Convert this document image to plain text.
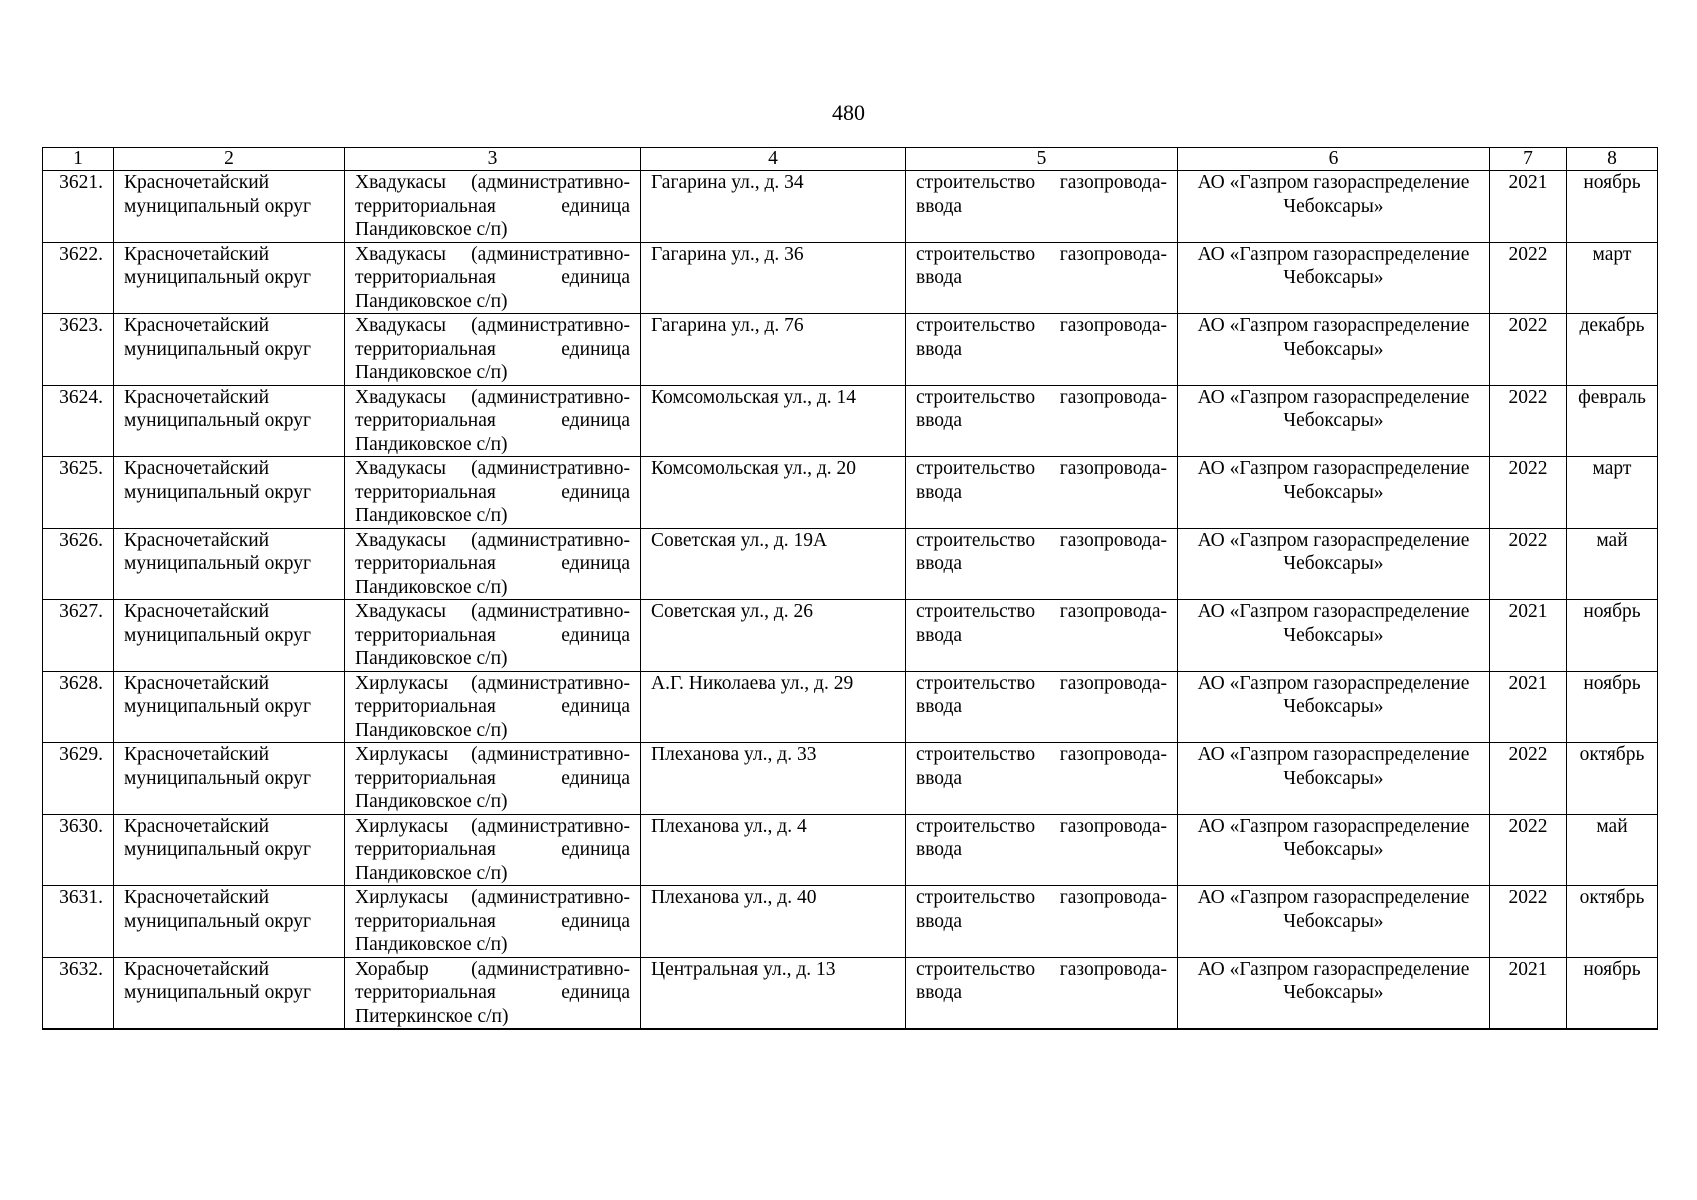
480
1	2	3	4	5	6	7	8
3621.	Красночетайский муниципальный округ	Хвадукасы (административно-территориальная единица Пандиковское с/п)	Гагарина ул., д. 34	строительство газопровода-ввода	АО «Газпром газораспределение Чебоксары»	2021	ноябрь
3622.	Красночетайский муниципальный округ	Хвадукасы (административно-территориальная единица Пандиковское с/п)	Гагарина ул., д. 36	строительство газопровода-ввода	АО «Газпром газораспределение Чебоксары»	2022	март
3623.	Красночетайский муниципальный округ	Хвадукасы (административно-территориальная единица Пандиковское с/п)	Гагарина ул., д. 76	строительство газопровода-ввода	АО «Газпром газораспределение Чебоксары»	2022	декабрь
3624.	Красночетайский муниципальный округ	Хвадукасы (административно-территориальная единица Пандиковское с/п)	Комсомольская ул., д. 14	строительство газопровода-ввода	АО «Газпром газораспределение Чебоксары»	2022	февраль
3625.	Красночетайский муниципальный округ	Хвадукасы (административно-территориальная единица Пандиковское с/п)	Комсомольская ул., д. 20	строительство газопровода-ввода	АО «Газпром газораспределение Чебоксары»	2022	март
3626.	Красночетайский муниципальный округ	Хвадукасы (административно-территориальная единица Пандиковское с/п)	Советская ул., д. 19А	строительство газопровода-ввода	АО «Газпром газораспределение Чебоксары»	2022	май
3627.	Красночетайский муниципальный округ	Хвадукасы (административно-территориальная единица Пандиковское с/п)	Советская ул., д. 26	строительство газопровода-ввода	АО «Газпром газораспределение Чебоксары»	2021	ноябрь
3628.	Красночетайский муниципальный округ	Хирлукасы (административно-территориальная единица Пандиковское с/п)	А.Г. Николаева ул., д. 29	строительство газопровода-ввода	АО «Газпром газораспределение Чебоксары»	2021	ноябрь
3629.	Красночетайский муниципальный округ	Хирлукасы (административно-территориальная единица Пандиковское с/п)	Плеханова ул., д. 33	строительство газопровода-ввода	АО «Газпром газораспределение Чебоксары»	2022	октябрь
3630.	Красночетайский муниципальный округ	Хирлукасы (административно-территориальная единица Пандиковское с/п)	Плеханова ул., д. 4	строительство газопровода-ввода	АО «Газпром газораспределение Чебоксары»	2022	май
3631.	Красночетайский муниципальный округ	Хирлукасы (административно-территориальная единица Пандиковское с/п)	Плеханова ул., д. 40	строительство газопровода-ввода	АО «Газпром газораспределение Чебоксары»	2022	октябрь
3632.	Красночетайский муниципальный округ	Хорабыр (административно-территориальная единица Питеркинское с/п)	Центральная ул., д. 13	строительство газопровода-ввода	АО «Газпром газораспределение Чебоксары»	2021	ноябрь
